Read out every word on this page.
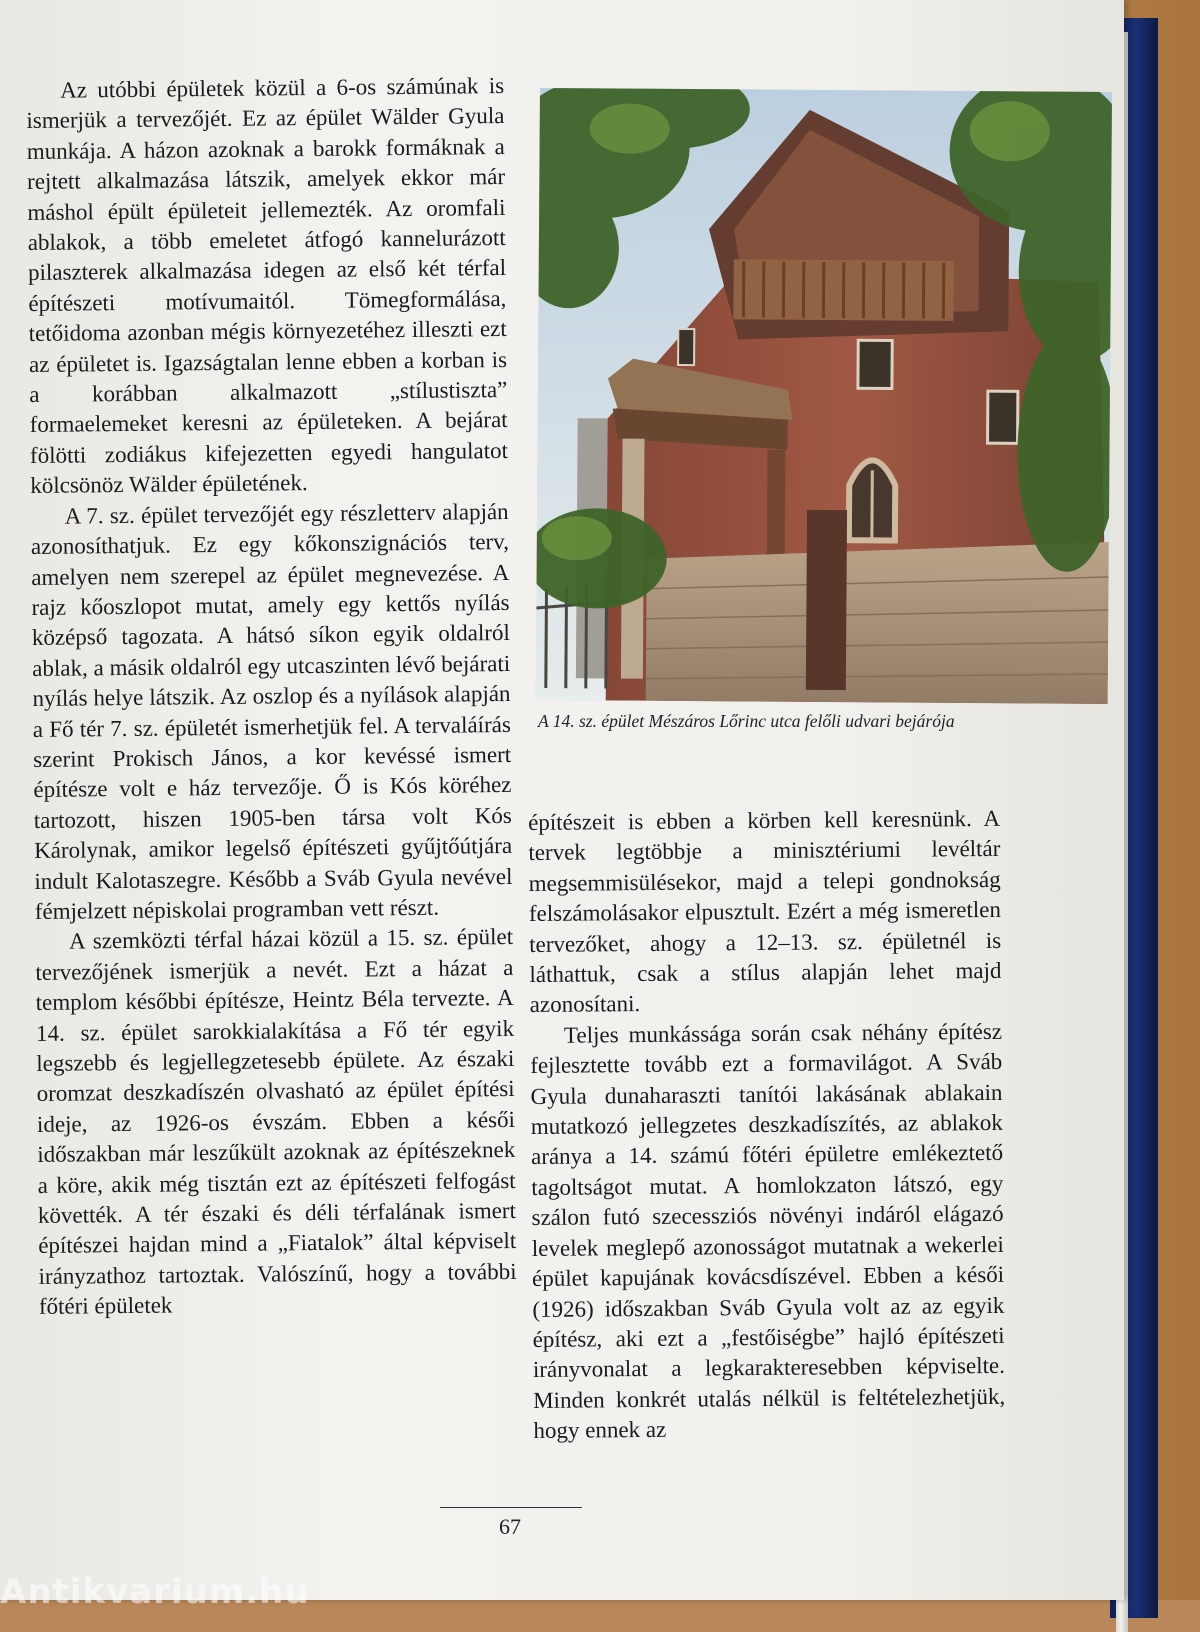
Az utóbbi épületek közül a 6-os számúnak is ismerjük a tervezőjét. Ez az épület Wälder Gyula munkája. A házon azoknak a barokk formáknak a rejtett alkalmazása látszik, amelyek ekkor már máshol épült épületeit jellemezték. Az oromfali ablakok, a több emeletet átfogó kannelurázott pilaszterek alkalmazása idegen az első két térfal építészeti motívumaitól. Tömegformálása, tetőidoma azonban mégis környezetéhez illeszti ezt az épületet is. Igazságtalan lenne ebben a korban is a korábban alkalmazott „stílustiszta” formaelemeket keresni az épületeken. A bejárat fölötti zodiákus kifejezetten egyedi hangulatot kölcsönöz Wälder épületének.

A 7. sz. épület tervezőjét egy részletterv alapján azonosíthatjuk. Ez egy kőkonszignációs terv, amelyen nem szerepel az épület megnevezése. A rajz kőoszlopot mutat, amely egy kettős nyílás középső tagozata. A hátsó síkon egyik oldalról ablak, a másik oldalról egy utcaszinten lévő bejárati nyílás helye látszik. Az oszlop és a nyílások alapján a Fő tér 7. sz. épületét ismerhetjük fel. A tervaláírás szerint Prokisch János, a kor kevéssé ismert építésze volt e ház tervezője. Ő is Kós köréhez tartozott, hiszen 1905-ben társa volt Kós Károlynak, amikor legelső építészeti gyűjtőútjára indult Kalotaszegre. Később a Sváb Gyula nevével fémjelzett népiskolai programban vett részt.

A szemközti térfal házai közül a 15. sz. épület tervezőjének ismerjük a nevét. Ezt a házat a templom későbbi építésze, Heintz Béla tervezte. A 14. sz. épület sarokkialakítása a Fő tér egyik legszebb és legjellegzetesebb épülete. Az északi oromzat deszkadíszén olvasható az épület építési ideje, az 1926-os évszám. Ebben a késői időszakban már leszűkült azoknak az építészeknek a köre, akik még tisztán ezt az építészeti felfogást követték. A tér északi és déli térfalának ismert építészei hajdan mind a „Fiatalok” által képviselt irányzathoz tartoztak. Valószínű, hogy a további főtéri épületek

A 14. sz. épület Mészáros Lőrinc utca felőli udvari bejárója

építészeit is ebben a körben kell keresnünk. A tervek legtöbbje a minisztériumi levéltár megsemmisülésekor, majd a telepi gondnokság felszámolásakor elpusztult. Ezért a még ismeretlen tervezőket, ahogy a 12–13. sz. épületnél is láthattuk, csak a stílus alapján lehet majd azonosítani.

Teljes munkássága során csak néhány építész fejlesztette tovább ezt a formavilágot. A Sváb Gyula dunaharaszti tanítói lakásának ablakain mutatkozó jellegzetes deszkadíszítés, az ablakok aránya a 14. számú főtéri épületre emlékeztető tagoltságot mutat. A homlokzaton látszó, egy szálon futó szecessziós növényi indáról elágazó levelek meglepő azonosságot mutatnak a wekerlei épület kapujának kovácsdíszével. Ebben a késői (1926) időszakban Sváb Gyula volt az az egyik építész, aki ezt a „festőiségbe” hajló építészeti irányvonalat a legkarakteresebben képviselte. Minden konkrét utalás nélkül is feltételezhetjük, hogy ennek az

67
Antikvarium.hu
